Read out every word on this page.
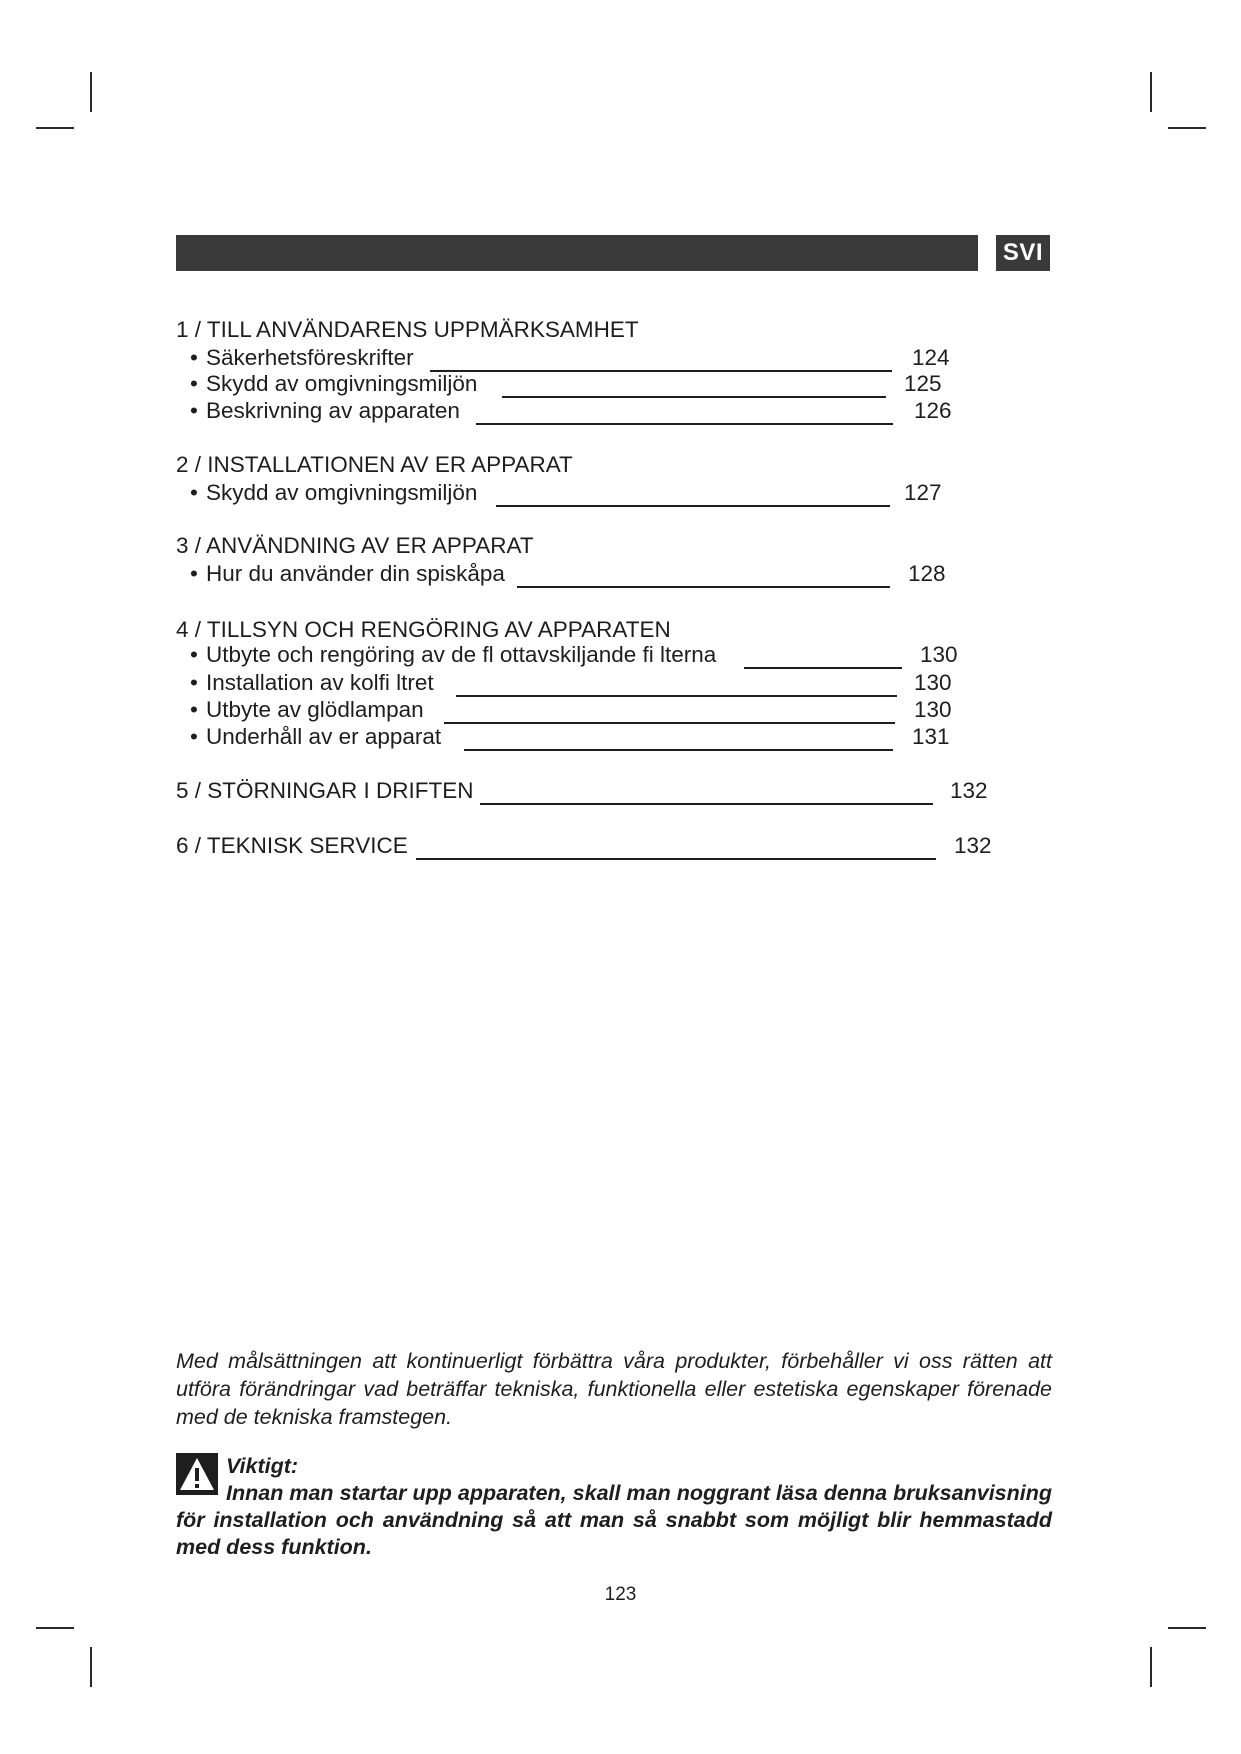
SVI
1 / TILL ANVÄNDARENS UPPMÄRKSAMHET
• Säkerhetsföreskrifter	124
• Skydd av omgivningsmiljön	125
• Beskrivning av apparaten	126
2 / INSTALLATIONEN AV ER APPARAT
• Skydd av omgivningsmiljön	127
3 / ANVÄNDNING AV ER APPARAT
• Hur du använder din spiskåpa	128
4 / TILLSYN OCH RENGÖRING AV APPARATEN
• Utbyte och rengöring av de fl ottavskiljande fi lterna	130
• Installation av kolfi ltret	130
• Utbyte av glödlampan	130
• Underhåll av er apparat	131
5 / STÖRNINGAR I DRIFTEN	132
6 / TEKNISK SERVICE	132
Med målsättningen att kontinuerligt förbättra våra produkter, förbehåller vi oss rätten att utföra förändringar vad beträffar tekniska, funktionella eller estetiska egenskaper förenade med de tekniska framstegen.
Viktigt:
Innan man startar upp apparaten, skall man noggrant läsa denna bruksanvisning för installation och användning så att man så snabbt som möjligt blir hemmastadd med dess funktion.
123
